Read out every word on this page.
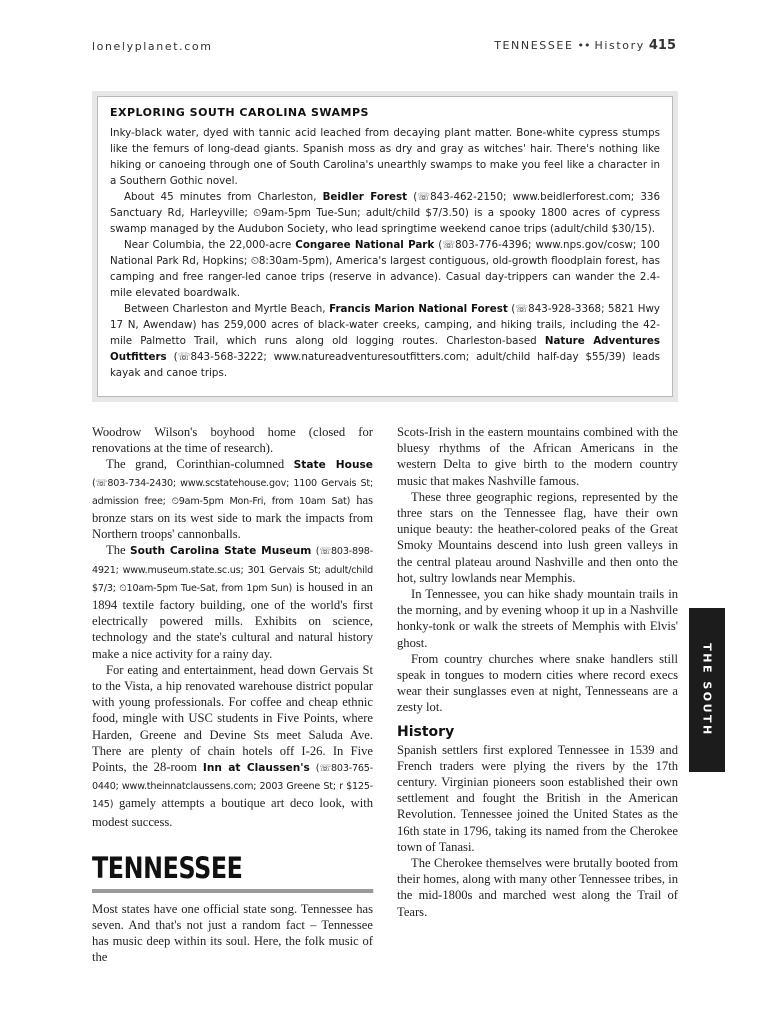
lonelyplanet.com	TENNESSEE •• History 415
EXPLORING SOUTH CAROLINA SWAMPS

Inky-black water, dyed with tannic acid leached from decaying plant matter. Bone-white cypress stumps like the femurs of long-dead giants. Spanish moss as dry and gray as witches' hair. There's nothing like hiking or canoeing through one of South Carolina's unearthly swamps to make you feel like a character in a Southern Gothic novel.

About 45 minutes from Charleston, Beidler Forest (☏843-462-2150; www.beidlerforest.com; 336 Sanctuary Rd, Harleyville; ⏲9am-5pm Tue-Sun; adult/child $7/3.50) is a spooky 1800 acres of cypress swamp managed by the Audubon Society, who lead springtime weekend canoe trips (adult/child $30/15).

Near Columbia, the 22,000-acre Congaree National Park (☏803-776-4396; www.nps.gov/cosw; 100 National Park Rd, Hopkins; ⏲8:30am-5pm), America's largest contiguous, old-growth floodplain forest, has camping and free ranger-led canoe trips (reserve in advance). Casual day-trippers can wander the 2.4-mile elevated boardwalk.

Between Charleston and Myrtle Beach, Francis Marion National Forest (☏843-928-3368; 5821 Hwy 17 N, Awendaw) has 259,000 acres of black-water creeks, camping, and hiking trails, including the 42-mile Palmetto Trail, which runs along old logging routes. Charleston-based Nature Adventures Outfitters (☏843-568-3222; www.natureadventuresoutfitters.com; adult/child half-day $55/39) leads kayak and canoe trips.

Woodrow Wilson's boyhood home (closed for renovations at the time of research).

The grand, Corinthian-columned State House (☏803-734-2430; www.scstatehouse.gov; 1100 Gervais St; admission free; ⏲9am-5pm Mon-Fri, from 10am Sat) has bronze stars on its west side to mark the impacts from Northern troops' cannonballs.

The South Carolina State Museum (☏803-898-4921; www.museum.state.sc.us; 301 Gervais St; adult/child $7/3; ⏲10am-5pm Tue-Sat, from 1pm Sun) is housed in an 1894 textile factory building, one of the world's first electrically powered mills. Exhibits on science, technology and the state's cultural and natural history make a nice activity for a rainy day.

For eating and entertainment, head down Gervais St to the Vista, a hip renovated warehouse district popular with young professionals. For coffee and cheap ethnic food, mingle with USC students in Five Points, where Harden, Greene and Devine Sts meet Saluda Ave. There are plenty of chain hotels off I-26. In Five Points, the 28-room Inn at Claussen's (☏803-765-0440; www.theinnatclaussens.com; 2003 Greene St; r $125-145) gamely attempts a boutique art deco look, with modest success.

TENNESSEE

Most states have one official state song. Tennessee has seven. And that's not just a random fact – Tennessee has music deep within its soul. Here, the folk music of the

Scots-Irish in the eastern mountains combined with the bluesy rhythms of the African Americans in the western Delta to give birth to the modern country music that makes Nashville famous.

These three geographic regions, represented by the three stars on the Tennessee flag, have their own unique beauty: the heather-colored peaks of the Great Smoky Mountains descend into lush green valleys in the central plateau around Nashville and then onto the hot, sultry lowlands near Memphis.

In Tennessee, you can hike shady mountain trails in the morning, and by evening whoop it up in a Nashville honky-tonk or walk the streets of Memphis with Elvis' ghost.

From country churches where snake handlers still speak in tongues to modern cities where record execs wear their sunglasses even at night, Tennesseans are a zesty lot.

History

Spanish settlers first explored Tennessee in 1539 and French traders were plying the rivers by the 17th century. Virginian pioneers soon established their own settlement and fought the British in the American Revolution. Tennessee joined the United States as the 16th state in 1796, taking its named from the Cherokee town of Tanasi.

The Cherokee themselves were brutally booted from their homes, along with many other Tennessee tribes, in the mid-1800s and marched west along the Trail of Tears.

THE SOUTH
